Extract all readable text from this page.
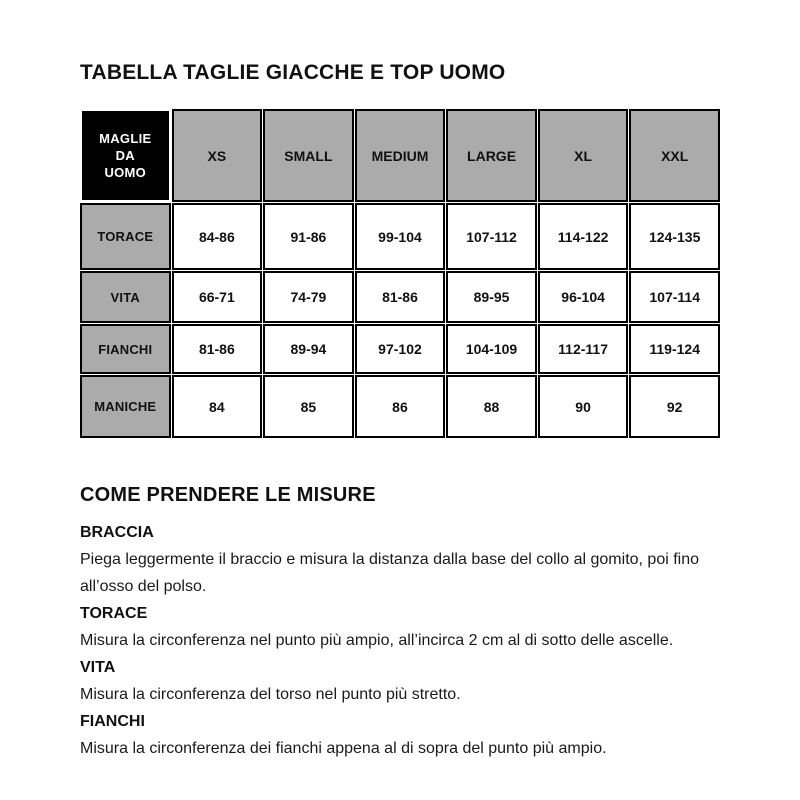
TABELLA TAGLIE GIACCHE E TOP UOMO
MAGLIE
DA
UOMO	XS	SMALL	MEDIUM	LARGE	XL	XXL
TORACE	84-86	91-86	99-104	107-112	114-122	124-135
VITA	66-71	74-79	81-86	89-95	96-104	107-114
FIANCHI	81-86	89-94	97-102	104-109	112-117	119-124
MANICHE	84	85	86	88	90	92
COME PRENDERE LE MISURE
BRACCIA

Piega leggermente il braccio e misura la distanza dalla base del collo al gomito, poi fino all’osso del polso.

TORACE

Misura la circonferenza nel punto più ampio, all’incirca 2 cm al di sotto delle ascelle.

VITA

Misura la circonferenza del torso nel punto più stretto.

FIANCHI

Misura la circonferenza dei fianchi appena al di sopra del punto più ampio.
